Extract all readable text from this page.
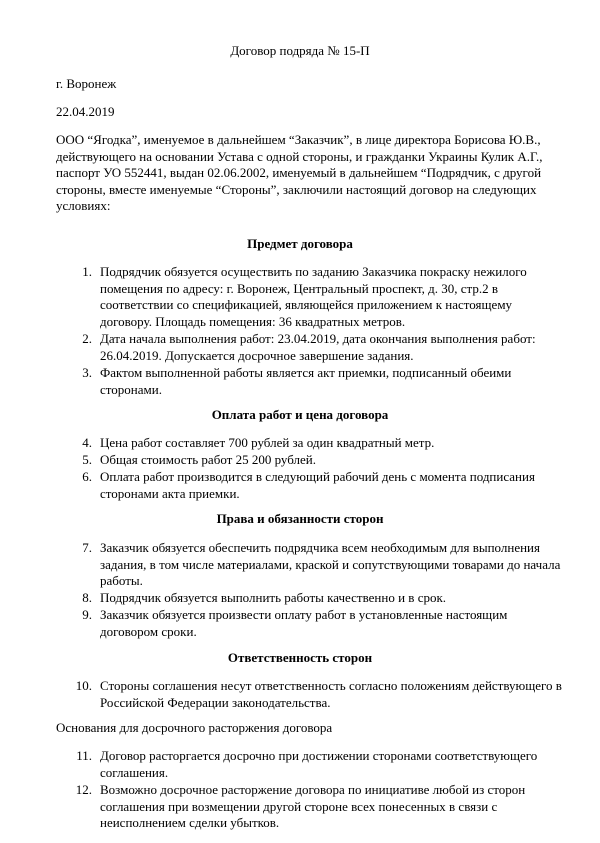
Договор подряда № 15-П
г. Воронеж
22.04.2019
ООО “Ягодка”, именуемое в дальнейшем “Заказчик”, в лице директора Борисова Ю.В.,
действующего на основании Устава с одной стороны, и гражданки Украины Кулик А.Г.,
паспорт УО 552441, выдан 02.06.2002, именуемый в дальнейшем “Подрядчик, с другой
стороны, вместе именуемые “Стороны”, заключили настоящий договор на следующих
условиях:
Предмет договора
1. Подрядчик обязуется осуществить по заданию Заказчика покраску нежилого
помещения по адресу: г. Воронеж, Центральный проспект, д. 30, стр.2 в
соответствии со спецификацией, являющейся приложением к настоящему
договору. Площадь помещения: 36 квадратных метров.
2. Дата начала выполнения работ: 23.04.2019, дата окончания выполнения работ:
26.04.2019. Допускается досрочное завершение задания.
3. Фактом выполненной работы является акт приемки, подписанный обеими
сторонами.
Оплата работ и цена договора
4. Цена работ составляет 700 рублей за один квадратный метр.
5. Общая стоимость работ 25 200 рублей.
6. Оплата работ производится в следующий рабочий день с момента подписания
сторонами акта приемки.
Права и обязанности сторон
7. Заказчик обязуется обеспечить подрядчика всем необходимым для выполнения
задания, в том числе материалами, краской и сопутствующими товарами до начала
работы.
8. Подрядчик обязуется выполнить работы качественно и в срок.
9. Заказчик обязуется произвести оплату работ в установленные настоящим
договором сроки.
Ответственность сторон
10. Стороны соглашения несут ответственность согласно положениям действующего в
Российской Федерации законодательства.
Основания для досрочного расторжения договора
11. Договор расторгается досрочно при достижении сторонами соответствующего
соглашения.
12. Возможно досрочное расторжение договора по инициативе любой из сторон
соглашения при возмещении другой стороне всех понесенных в связи с
неисполнением сделки убытков.
